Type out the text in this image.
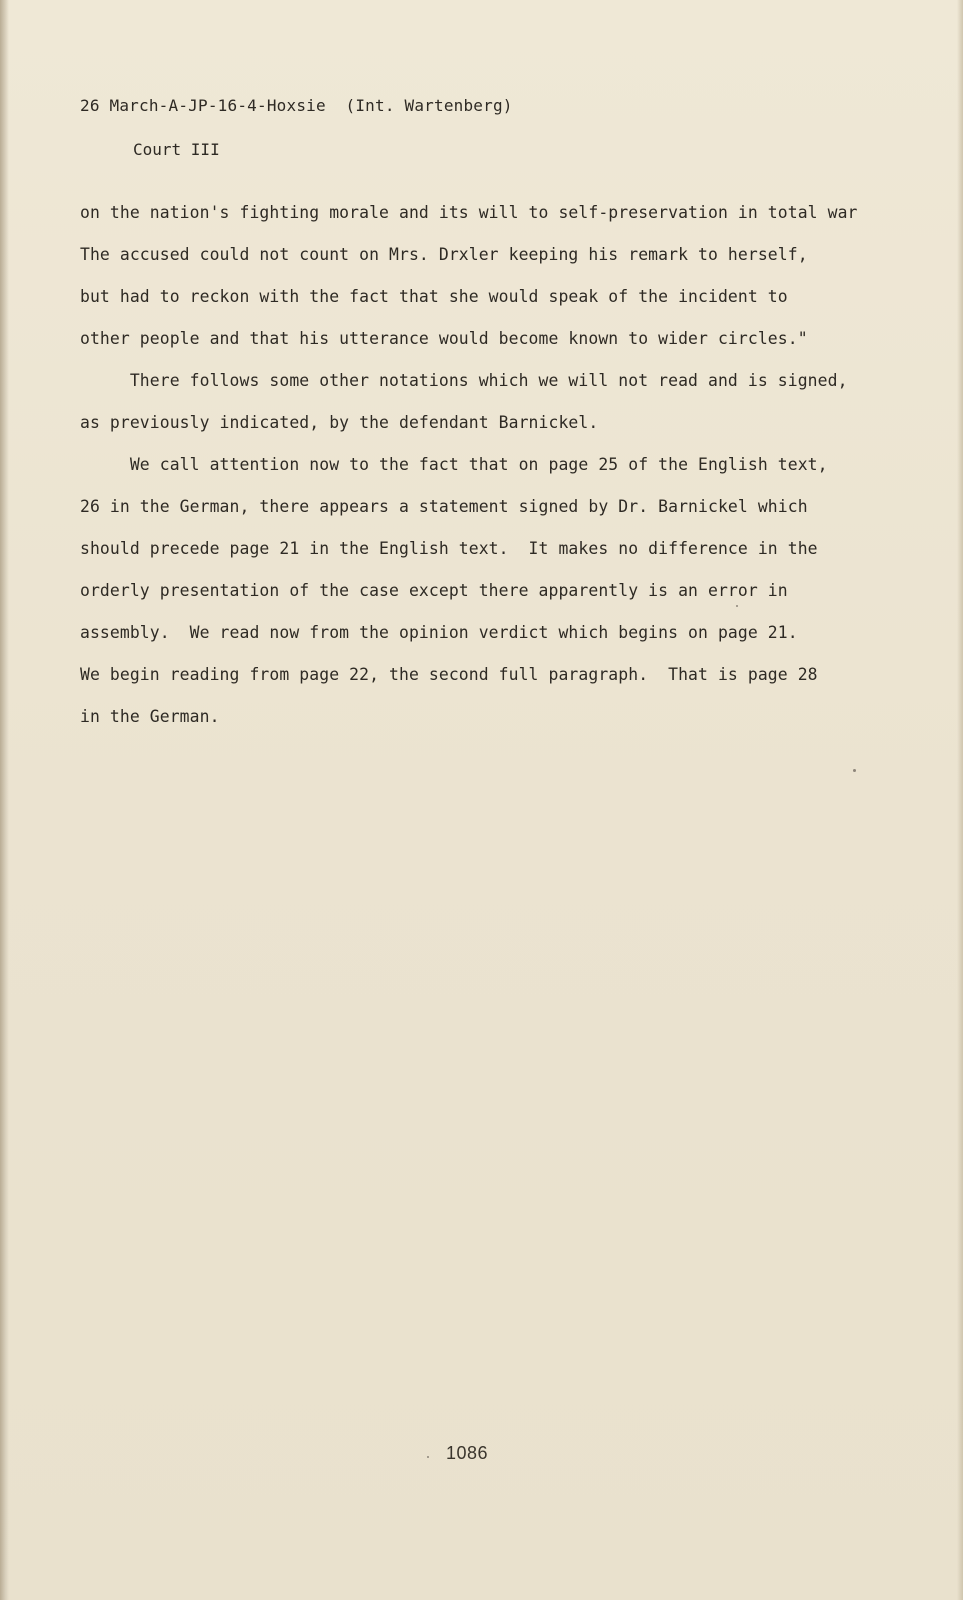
26 March-A-JP-16-4-Hoxsie  (Int. Wartenberg)
Court III
on the nation's fighting morale and its will to self-preservation in total war
The accused could not count on Mrs. Drxler keeping his remark to herself,
but had to reckon with the fact that she would speak of the incident to
other people and that his utterance would become known to wider circles."
There follows some other notations which we will not read and is signed,
as previously indicated, by the defendant Barnickel.
We call attention now to the fact that on page 25 of the English text,
26 in the German, there appears a statement signed by Dr. Barnickel which
should precede page 21 in the English text.  It makes no difference in the
orderly presentation of the case except there apparently is an error in
assembly.  We read now from the opinion verdict which begins on page 21.
We begin reading from page 22, the second full paragraph.  That is page 28
in the German.
1086
